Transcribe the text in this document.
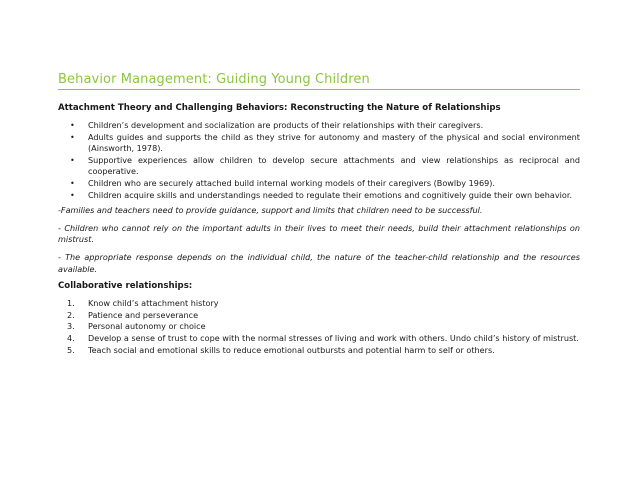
Behavior Management: Guiding Young Children
Attachment Theory and Challenging Behaviors: Reconstructing the Nature of Relationships
• Children’s development and socialization are products of their relationships with their caregivers.
• Adults guides and supports the child as they strive for autonomy and mastery of the physical and social environment (Ainsworth, 1978).
• Supportive experiences allow children to develop secure attachments and view relationships as reciprocal and cooperative.
• Children who are securely attached build internal working models of their caregivers (Bowlby 1969).
• Children acquire skills and understandings needed to regulate their emotions and cognitively guide their own behavior.
-Families and teachers need to provide guidance, support and limits that children need to be successful.
- Children who cannot rely on the important adults in their lives to meet their needs, build their attachment relationships on mistrust.
- The appropriate response depends on the individual child, the nature of the teacher-child relationship and the resources available.
Collaborative relationships:
1. Know child’s attachment history
2. Patience and perseverance
3. Personal autonomy or choice
4. Develop a sense of trust to cope with the normal stresses of living and work with others. Undo child’s history of mistrust.
5. Teach social and emotional skills to reduce emotional outbursts and potential harm to self or others.
